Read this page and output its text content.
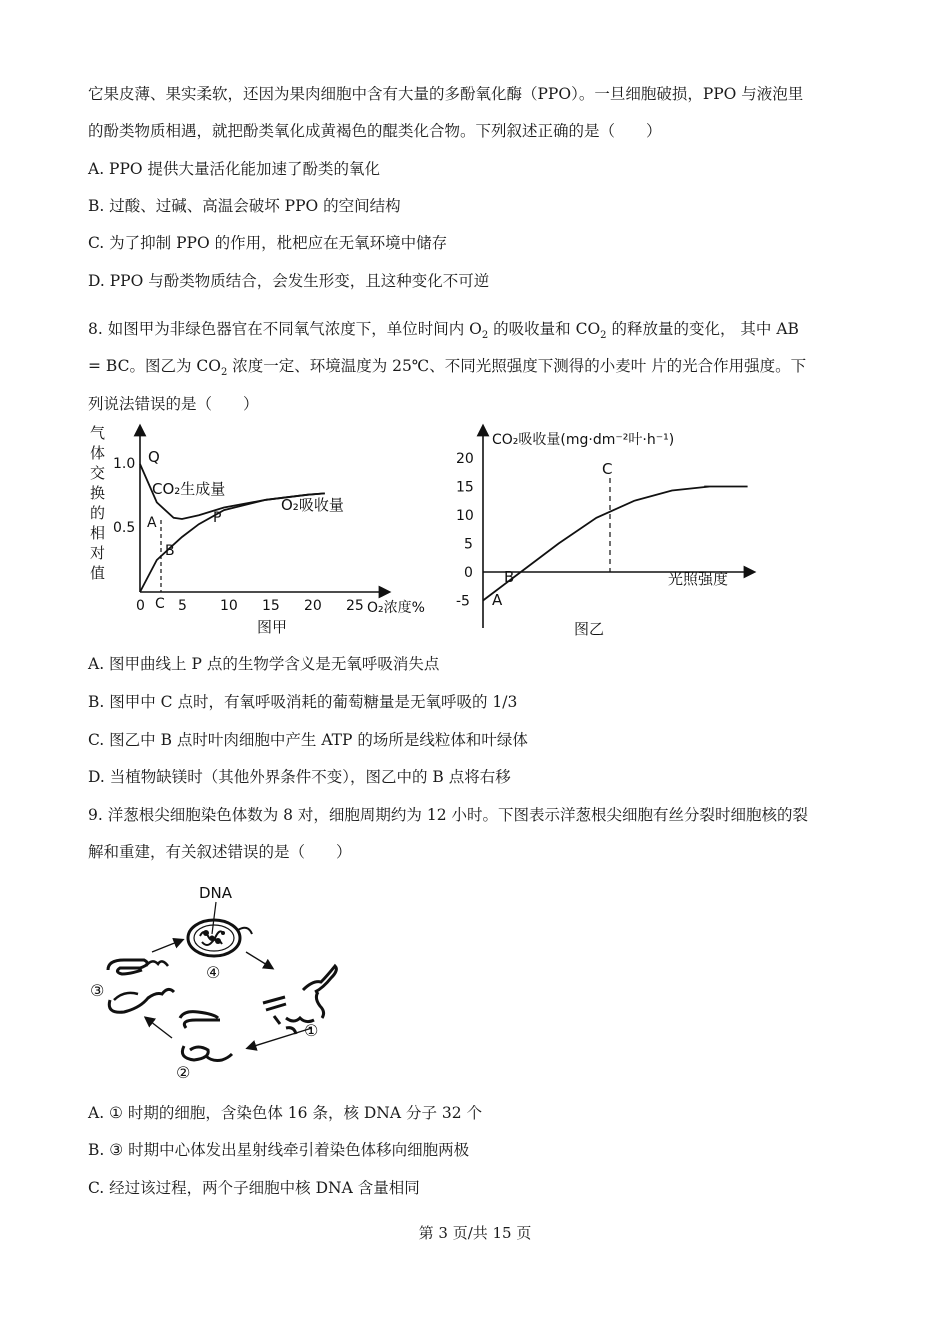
它果皮薄、果实柔软，还因为果肉细胞中含有大量的多酚氧化酶（PPO）。一旦细胞破损，PPO 与液泡里
的酚类物质相遇，就把酚类氧化成黄褐色的醌类化合物。下列叙述正确的是（　　）
A. PPO 提供大量活化能加速了酚类的氧化
B. 过酸、过碱、高温会破坏 PPO 的空间结构
C. 为了抑制 PPO 的作用，枇杷应在无氧环境中储存
D. PPO 与酚类物质结合，会发生形变，且这种变化不可逆
8. 如图甲为非绿色器官在不同氧气浓度下，单位时间内 $O_2$ 的吸收量和 $CO_2$ 的释放量的变化， 其中 AB
= BC。图乙为 $CO_2$ 浓度一定、环境温度为 25℃、不同光照强度下测得的小麦叶 片的光合作用强度。下
列说法错误的是（　　）
气
体
交
换
的
相
对
值
1.0
0.5
0 5 10 15 20 25
Q
A
B
C
P
CO₂生成量
O₂吸收量
O₂浓度%
图甲
CO₂吸收量(mg·dm⁻²叶·h⁻¹)
20
15
10
5
0
-5 A
B
C
光照强度
图乙
A. 图甲曲线上 P 点的生物学含义是无氧呼吸消失点
B. 图甲中 C 点时，有氧呼吸消耗的葡萄糖量是无氧呼吸的 1/3
C. 图乙中 B 点时叶肉细胞中产生 ATP 的场所是线粒体和叶绿体
D. 当植物缺镁时（其他外界条件不变），图乙中的 B 点将右移
9. 洋葱根尖细胞染色体数为 8 对，细胞周期约为 12 小时。下图表示洋葱根尖细胞有丝分裂时细胞核的裂
解和重建，有关叙述错误的是（　　）
DNA
④
①
②
③
A. ① 时期的细胞，含染色体 16 条，核 DNA 分子 32 个
B. ③ 时期中心体发出星射线牵引着染色体移向细胞两极
C. 经过该过程，两个子细胞中核 DNA 含量相同
第 3 页/共 15 页
